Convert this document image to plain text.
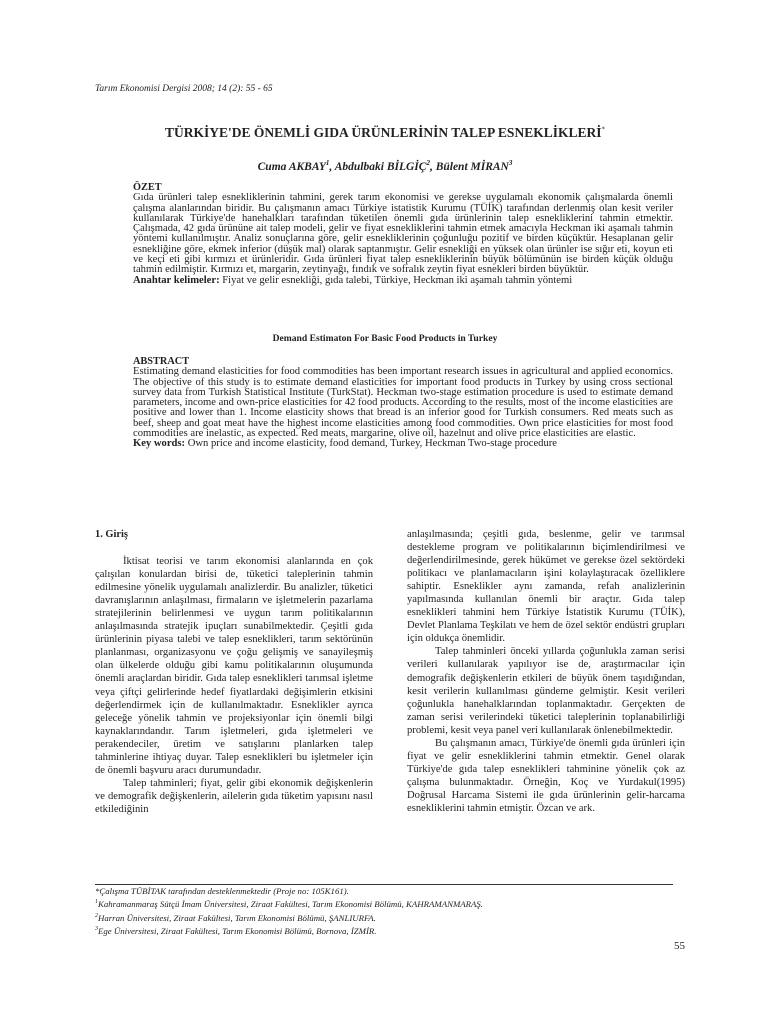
Tarım Ekonomisi Dergisi 2008; 14 (2): 55 - 65
TÜRKİYE'DE ÖNEMLİ GIDA ÜRÜNLERİNİN TALEP ESNEKLİKLERİ*
Cuma AKBAY$^1$, Abdulbaki BİLGİÇ$^2$, Bülent MİRAN$^3$
ÖZET

Gıda ürünleri talep esnekliklerinin tahmini, gerek tarım ekonomisi ve gerekse uygulamalı ekonomik çalışmalarda önemli çalışma alanlarından biridir. Bu çalışmanın amacı Türkiye istatistik Kurumu (TÜİK) tarafından derlenmiş olan kesit veriler kullanılarak Türkiye'de hanehalkları tarafından tüketilen önemli gıda ürünlerinin talep esnekliklerini tahmin etmektir. Çalışmada, 42 gıda ürününe ait talep modeli, gelir ve fiyat esnekliklerini tahmin etmek amacıyla Heckman iki aşamalı tahmin yöntemi kullanılmıştır. Analiz sonuçlarına göre, gelir esnekliklerinin çoğunluğu pozitif ve birden küçüktür. Hesaplanan gelir esnekliğine göre, ekmek inferior (düşük mal) olarak saptanmıştır. Gelir esnekliği en yüksek olan ürünler ise sığır eti, koyun eti ve keçi eti gibi kırmızı et ürünleridir. Gıda ürünleri fiyat talep esnekliklerinin büyük bölümünün ise birden küçük olduğu tahmin edilmiştir. Kırmızı et, margarin, zeytinyağı, fındık ve sofralık zeytin fiyat esnekleri birden büyüktür.

Anahtar kelimeler: Fiyat ve gelir esnekliği, gıda talebi, Türkiye, Heckman iki aşamalı tahmin yöntemi

Demand Estimaton For Basic Food Products in Turkey
ABSTRACT

Estimating demand elasticities for food commodities has been important research issues in agricultural and applied economics. The objective of this study is to estimate demand elasticities for important food products in Turkey by using cross sectional survey data from Turkish Statistical Institute (TurkStat). Heckman two-stage estimation procedure is used to estimate demand parameters, income and own-price elasticities for 42 food products. According to the results, most of the income elasticities are positive and lower than 1. Income elasticity shows that bread is an inferior good for Turkish consumers. Red meats such as beef, sheep and goat meat have the highest income elasticities among food commodities. Own price elasticities for most food commodities are inelastic, as expected. Red meats, margarine, olive oil, hazelnut and olive price elasticities are elastic.

Key words: Own price and income elasticity, food demand, Turkey, Heckman Two-stage procedure

1. Giriş

İktisat teorisi ve tarım ekonomisi alanlarında en çok çalışılan konulardan birisi de, tüketici taleplerinin tahmin edilmesine yönelik uygulamalı analizlerdir. Bu analizler, tüketici davranışlarının anlaşılması, firmaların ve işletmelerin pazarlama stratejilerinin belirlenmesi ve uygun tarım politikalarının anlaşılmasında stratejik ipuçları sunabilmektedir. Çeşitli gıda ürünlerinin piyasa talebi ve talep esneklikleri, tarım sektörünün planlanması, organizasyonu ve çoğu gelişmiş ve sanayileşmiş olan ülkelerde olduğu gibi kamu politikalarının oluşumunda önemli araçlardan biridir. Gıda talep esneklikleri tarımsal işletme veya çiftçi gelirlerinde hedef fiyatlardaki değişimlerin etkisini değerlendirmek için de kullanılmaktadır. Esneklikler ayrıca geleceğe yönelik tahmin ve projeksiyonlar için önemli bilgi kaynaklarındandır. Tarım işletmeleri, gıda işletmeleri ve perakendeciler, üretim ve satışlarını planlarken talep tahminlerine ihtiyaç duyar. Talep esneklikleri bu işletmeler için de önemli başvuru aracı durumundadır.

Talep tahminleri; fiyat, gelir gibi ekonomik değişkenlerin ve demografik değişkenlerin, ailelerin gıda tüketim yapısını nasıl etkilediğinin

anlaşılmasında; çeşitli gıda, beslenme, gelir ve tarımsal destekleme program ve politikalarının biçimlendirilmesi ve değerlendirilmesinde, gerek hükümet ve gerekse özel sektördeki politikacı ve planlamacıların işini kolaylaştıracak özelliklere sahiptir. Esneklikler aynı zamanda, refah analizlerinin yapılmasında kullanılan önemli bir araçtır. Gıda talep esneklikleri tahmini hem Türkiye İstatistik Kurumu (TÜİK), Devlet Planlama Teşkilatı ve hem de özel sektör endüstri grupları için oldukça önemlidir.

Talep tahminleri önceki yıllarda çoğunlukla zaman serisi verileri kullanılarak yapılıyor ise de, araştırmacılar için demografik değişkenlerin etkileri de büyük önem taşıdığından, kesit verilerin kullanılması gündeme gelmiştir. Kesit verileri çoğunlukla hanehalklarından toplanmaktadır. Gerçekten de zaman serisi verilerindeki tüketici taleplerinin toplanabilirliği problemi, kesit veya panel veri kullanılarak önlenebilmektedir.

Bu çalışmanın amacı, Türkiye'de önemli gıda ürünleri için fiyat ve gelir esnekliklerini tahmin etmektir. Genel olarak Türkiye'de gıda talep esneklikleri tahminine yönelik çok az çalışma bulunmaktadır. Örneğin, Koç ve Yurdakul(1995) Doğrusal Harcama Sistemi ile gıda ürünlerinin gelir-harcama esnekliklerini tahmin etmiştir. Özcan ve ark.

*Çalışma TÜBİTAK tarafından desteklenmektedir (Proje no: 105K161).

$^1$Kahramanmaraş Sütçü İmam Üniversitesi, Ziraat Fakültesi, Tarım Ekonomisi Bölümü, KAHRAMANMARAŞ.

$^2$Harran Üniversitesi, Ziraat Fakültesi, Tarım Ekonomisi Bölümü, ŞANLIURFA.

$^3$Ege Üniversitesi, Ziraat Fakültesi, Tarım Ekonomisi Bölümü, Bornova, İZMİR.

55
